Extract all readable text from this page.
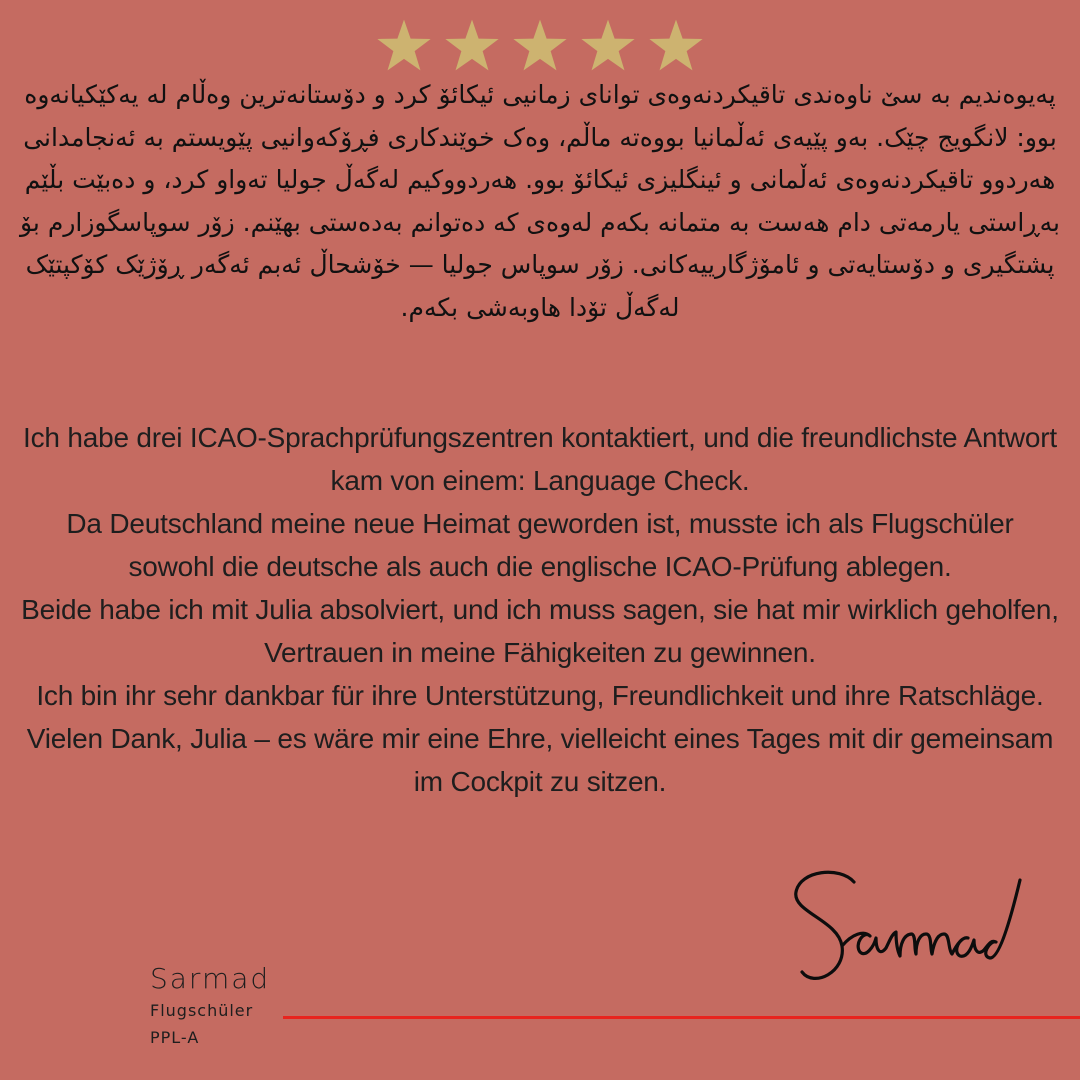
پەیوەندیم بە سێ ناوەندی تاقیکردنەوەی توانای زمانیی ئیکائۆ کرد و دۆستانەترین وەڵام لە یەکێکیانەوە بوو: لانگویج چێک. بەو پێیەی ئەڵمانیا بووەتە ماڵم، وەک خوێندکاری فڕۆکەوانیی پێویستم بە ئەنجامدانی هەردوو تاقیکردنەوەی ئەڵمانی و ئینگلیزی ئیکائۆ بوو. هەردووکیم لەگەڵ جولیا تەواو کرد، و دەبێت بڵێم بەڕاستی یارمەتی دام هەست بە متمانە بکەم لەوەی کە دەتوانم بەدەستی بهێنم. زۆر سوپاسگوزارم بۆ پشتگیری و دۆستایەتی و ئامۆژگارییەکانی. زۆر سوپاس جولیا — خۆشحاڵ ئەبم ئەگەر ڕۆژێک کۆکپتێک لەگەڵ تۆدا هاوبەشی بکەم.

Ich habe drei ICAO-Sprachprüfungszentren kontaktiert, und die freundlichste Antwort kam von einem: Language Check.

Da Deutschland meine neue Heimat geworden ist, musste ich als Flugschüler sowohl die deutsche als auch die englische ICAO-Prüfung ablegen.

Beide habe ich mit Julia absolviert, und ich muss sagen, sie hat mir wirklich geholfen, Vertrauen in meine Fähigkeiten zu gewinnen.

Ich bin ihr sehr dankbar für ihre Unterstützung, Freundlichkeit und ihre Ratschläge.

Vielen Dank, Julia – es wäre mir eine Ehre, vielleicht eines Tages mit dir gemeinsam im Cockpit zu sitzen.

Sarmad
Flugschüler
PPL-A
